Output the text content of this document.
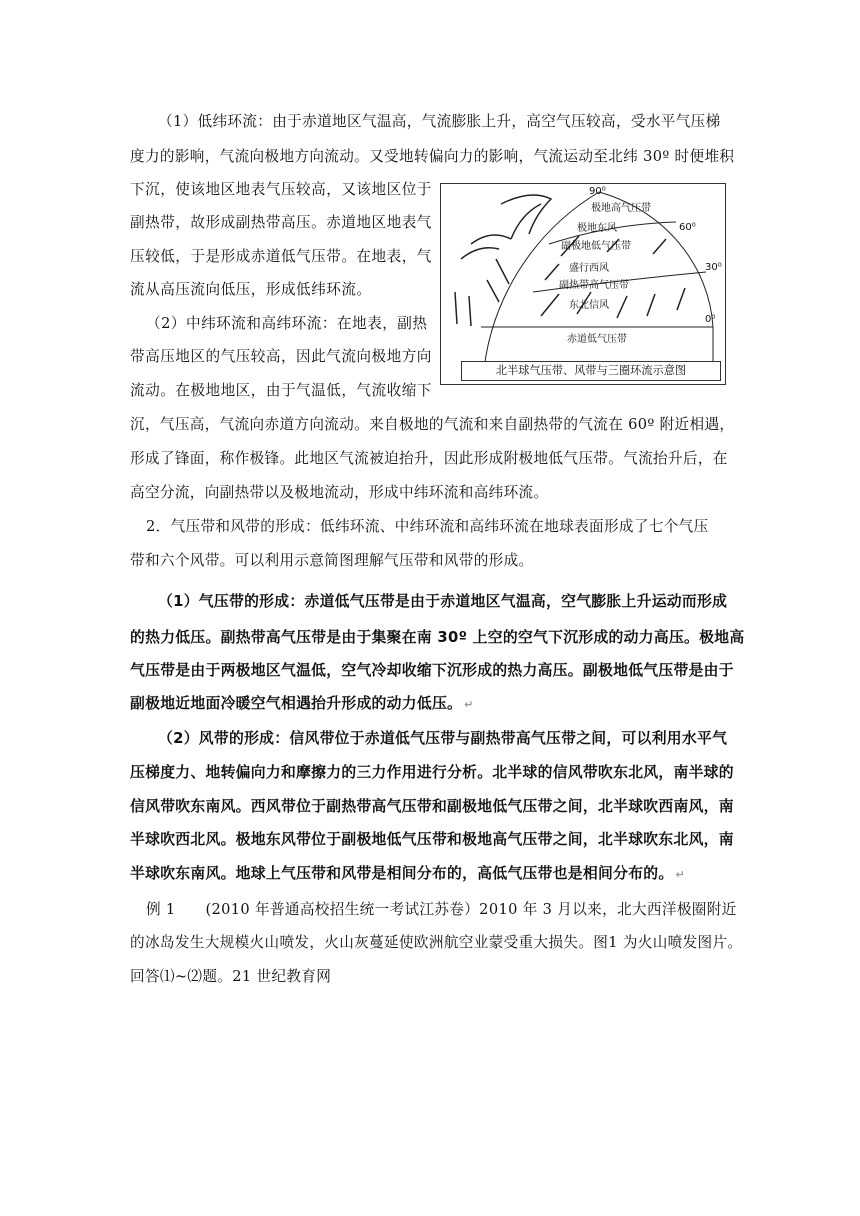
（1）低纬环流：由于赤道地区气温高，气流膨胀上升，高空气压较高，受水平气压梯
度力的影响，气流向极地方向流动。又受地转偏向力的影响，气流运动至北纬 30º 时便堆积
下沉，使该地区地表气压较高，又该地区位于
副热带，故形成副热带高压。赤道地区地表气
压较低，于是形成赤道低气压带。在地表，气
流从高压流向低压，形成低纬环流。
（2）中纬环流和高纬环流：在地表，副热
带高压地区的气压较高，因此气流向极地方向
流动。在极地地区，由于气温低，气流收缩下
沉，气压高，气流向赤道方向流动。来自极地的气流和来自副热带的气流在 60º 附近相遇，
形成了锋面，称作极锋。此地区气流被迫抬升，因此形成附极地低气压带。气流抬升后，在
高空分流，向副热带以及极地流动，形成中纬环流和高纬环流。
2．气压带和风带的形成：低纬环流、中纬环流和高纬环流在地球表面形成了七个气压
带和六个风带。可以利用示意简图理解气压带和风带的形成。
（1）气压带的形成：赤道低气压带是由于赤道地区气温高，空气膨胀上升运动而形成
的热力低压。副热带高气压带是由于集聚在南 30º 上空的空气下沉形成的动力高压。极地高
气压带是由于两极地区气温低，空气冷却收缩下沉形成的热力高压。副极地低气压带是由于
副极地近地面冷暖空气相遇抬升形成的动力低压。 ↵
（2）风带的形成：信风带位于赤道低气压带与副热带高气压带之间，可以利用水平气
压梯度力、地转偏向力和摩擦力的三力作用进行分析。北半球的信风带吹东北风，南半球的
信风带吹东南风。西风带位于副热带高气压带和副极地低气压带之间，北半球吹西南风，南
半球吹西北风。极地东风带位于副极地低气压带和极地高气压带之间，北半球吹东北风，南
半球吹东南风。地球上气压带和风带是相间分布的，高低气压带也是相间分布的。 ↵
例 1　　(2010 年普通高校招生统一考试江苏卷）2010 年 3 月以来，北大西洋极圈附近
的冰岛发生大规模火山喷发，火山灰蔓延使欧洲航空业蒙受重大损失。图1 为火山喷发图片。
回答⑴~⑵题。21 世纪教育网
90⁰
60⁰
30⁰
0⁰
极地高气压带
极地东风
副极地低气压带
盛行西风
副热带高气压带
东北信风
赤道低气压带
北半球气压带、风带与三圈环流示意图
